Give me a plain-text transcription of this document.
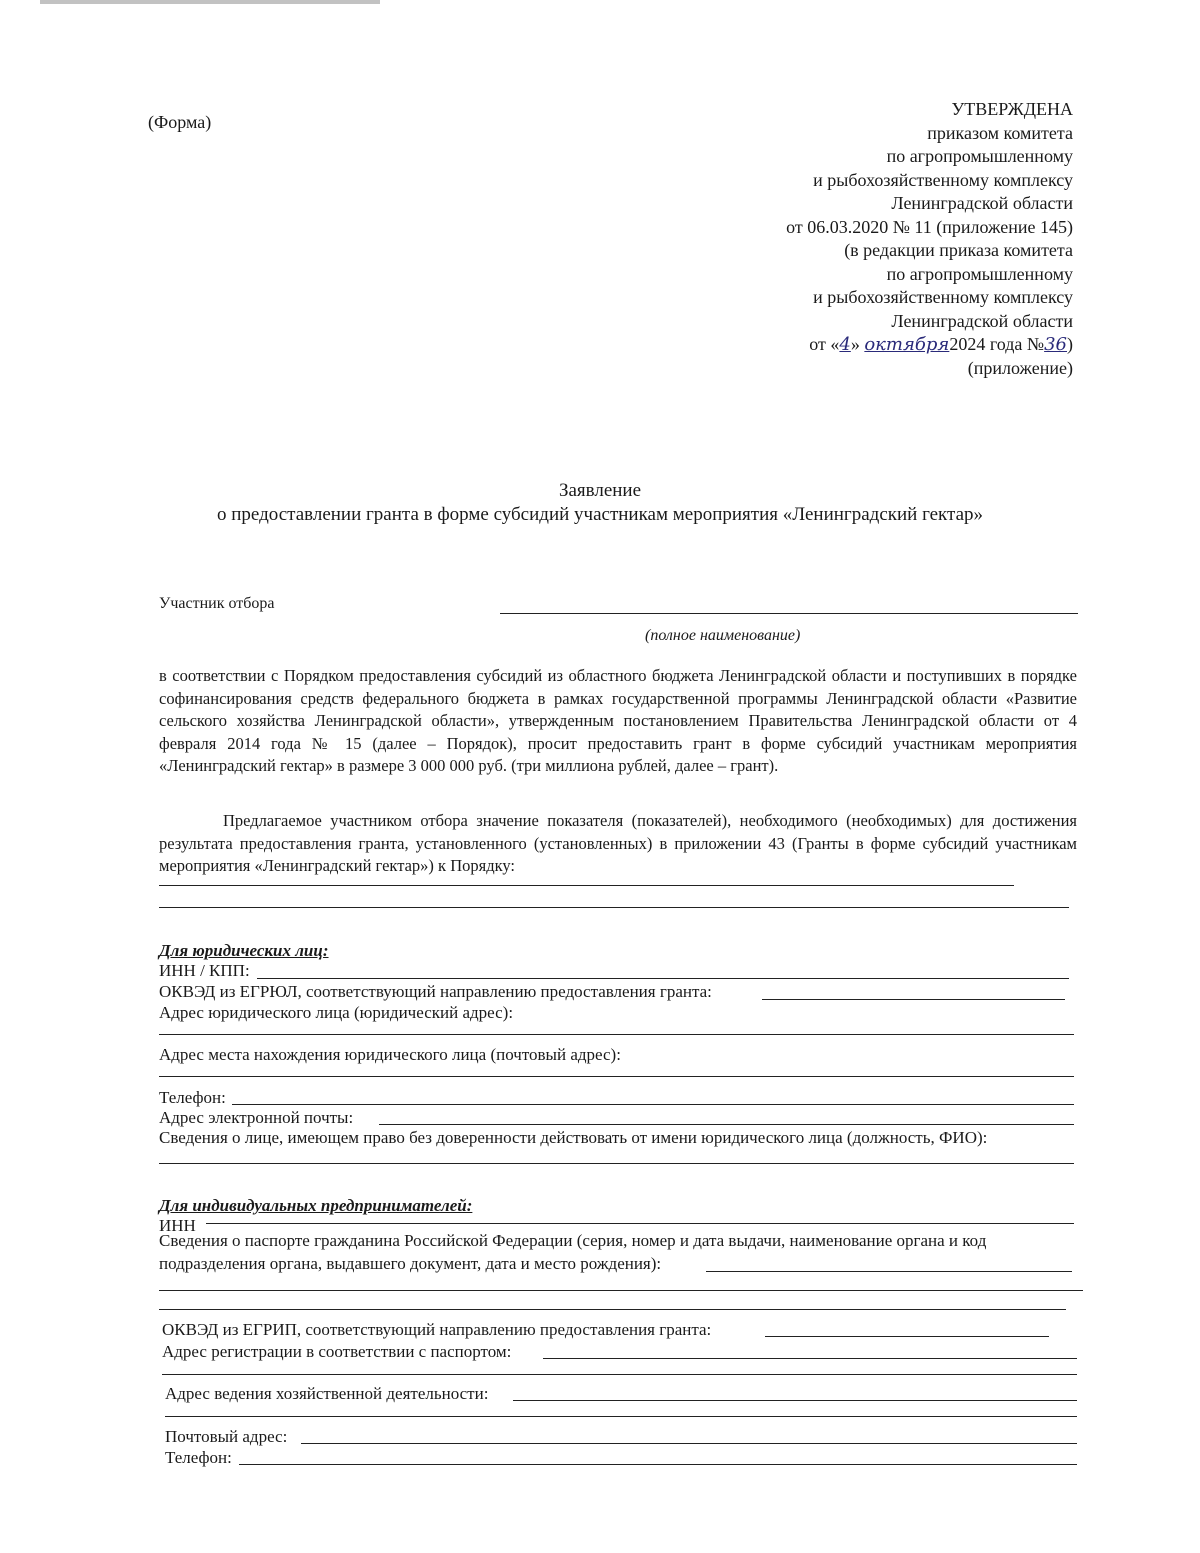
(Форма)
УТВЕРЖДЕНА
приказом комитета
по агропромышленному
и рыбохозяйственному комплексу
Ленинградской области
от 06.03.2020 № 11 (приложение 145)
(в редакции приказа комитета
по агропромышленному
и рыбохозяйственному комплексу
Ленинградской области
от «4» октября2024 года №36)
(приложение)
Заявление
о предоставлении гранта в форме субсидий участникам мероприятия «Ленинградский гектар»
Участник отбора
(полное наименование)
в соответствии с Порядком предоставления субсидий из областного бюджета Ленинградской области и поступивших в порядке софинансирования средств федерального бюджета в рамках государственной программы Ленинградской области «Развитие сельского хозяйства Ленинградской области», утвержденным постановлением Правительства Ленинградской области от 4 февраля 2014 года № 15 (далее – Порядок), просит предоставить грант в форме субсидий участникам мероприятия «Ленинградский гектар» в размере 3 000 000 руб. (три миллиона рублей, далее – грант).
Предлагаемое участником отбора значение показателя (показателей), необходимого (необходимых) для достижения результата предоставления гранта, установленного (установленных) в приложении 43 (Гранты в форме субсидий участникам мероприятия «Ленинградский гектар») к Порядку:
Для юридических лиц:
ИНН / КПП:
ОКВЭД из ЕГРЮЛ, соответствующий направлению предоставления гранта:
Адрес юридического лица (юридический адрес):
Адрес места нахождения юридического лица (почтовый адрес):
Телефон:
Адрес электронной почты:
Сведения о лице, имеющем право без доверенности действовать от имени юридического лица (должность, ФИО):
Для индивидуальных предпринимателей:
ИНН
Сведения о паспорте гражданина Российской Федерации (серия, номер и дата выдачи, наименование органа и код
подразделения органа, выдавшего документ, дата и место рождения):
ОКВЭД из ЕГРИП, соответствующий направлению предоставления гранта:
Адрес регистрации в соответствии с паспортом:
Адрес ведения хозяйственной деятельности:
Почтовый адрес:
Телефон:
